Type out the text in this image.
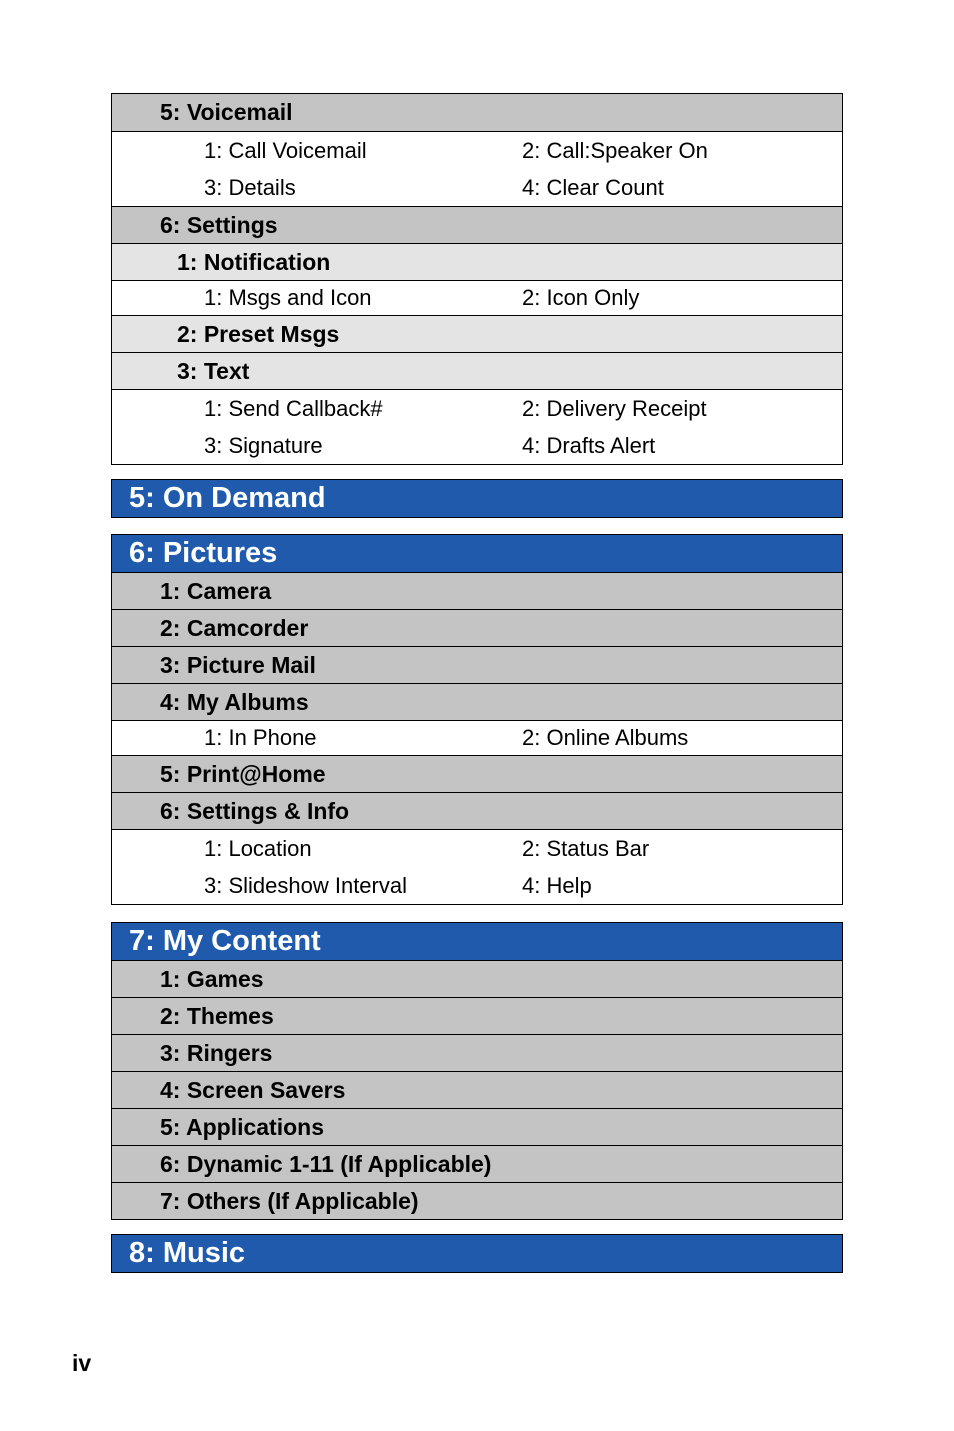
5: Voicemail
1: Call Voicemail	2: Call:Speaker On
3: Details	4: Clear Count
6: Settings
1: Notification
1: Msgs and Icon	2: Icon Only
2: Preset Msgs
3: Text
1: Send Callback#	2: Delivery Receipt
3: Signature	4: Drafts Alert
5: On Demand
6: Pictures
1: Camera
2: Camcorder
3: Picture Mail
4: My Albums
1: In Phone	2: Online Albums
5: Print@Home
6: Settings & Info
1: Location	2: Status Bar
3: Slideshow Interval	4: Help
7: My Content
1: Games
2: Themes
3: Ringers
4: Screen Savers
5: Applications
6: Dynamic 1-11 (If Applicable)
7: Others (If Applicable)
8: Music
iv
